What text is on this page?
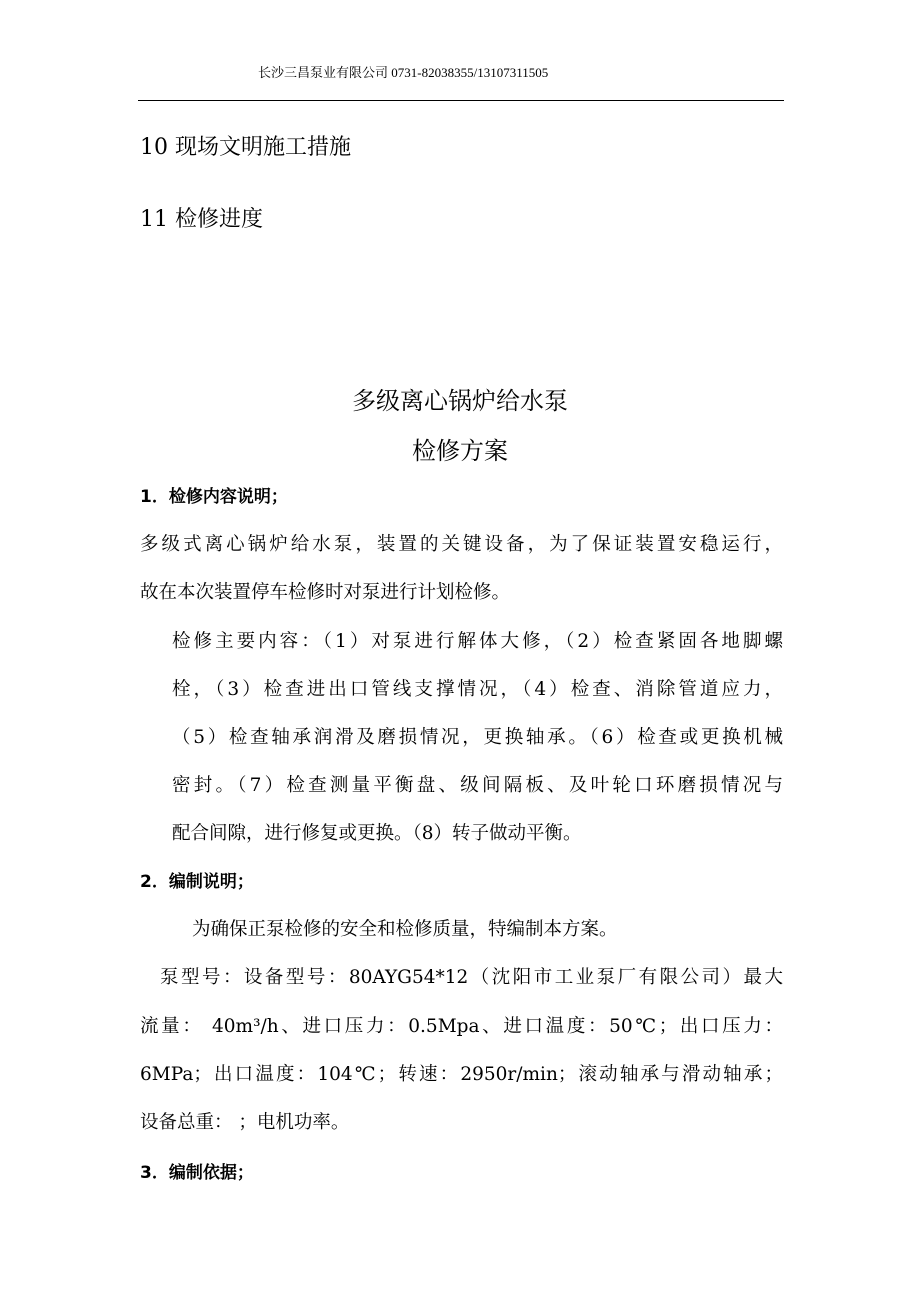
长沙三昌泵业有限公司 0731-82038355/13107311505
10 现场文明施工措施
11 检修进度
多级离心锅炉给水泵
检修方案
1．检修内容说明；
多级式离心锅炉给水泵，装置的关键设备，为了保证装置安稳运行，
故在本次装置停车检修时对泵进行计划检修。
检修主要内容：（1）对泵进行解体大修，（2）检查紧固各地脚螺
栓，（3）检查进出口管线支撑情况，（4）检查、消除管道应力，
（5）检查轴承润滑及磨损情况，更换轴承。（6）检查或更换机械
密封。（7）检查测量平衡盘、级间隔板、及叶轮口环磨损情况与
配合间隙，进行修复或更换。（8）转子做动平衡。
2．编制说明；
为确保正泵检修的安全和检修质量，特编制本方案。
泵型号：设备型号：80AYG54*12（沈阳市工业泵厂有限公司）最大
流量： 40m³/h、进口压力：0.5Mpa、进口温度：50℃；出口压力：
6MPa；出口温度：104℃；转速：2950r/min；滚动轴承与滑动轴承；
设备总重： ；电机功率。
3．编制依据；
